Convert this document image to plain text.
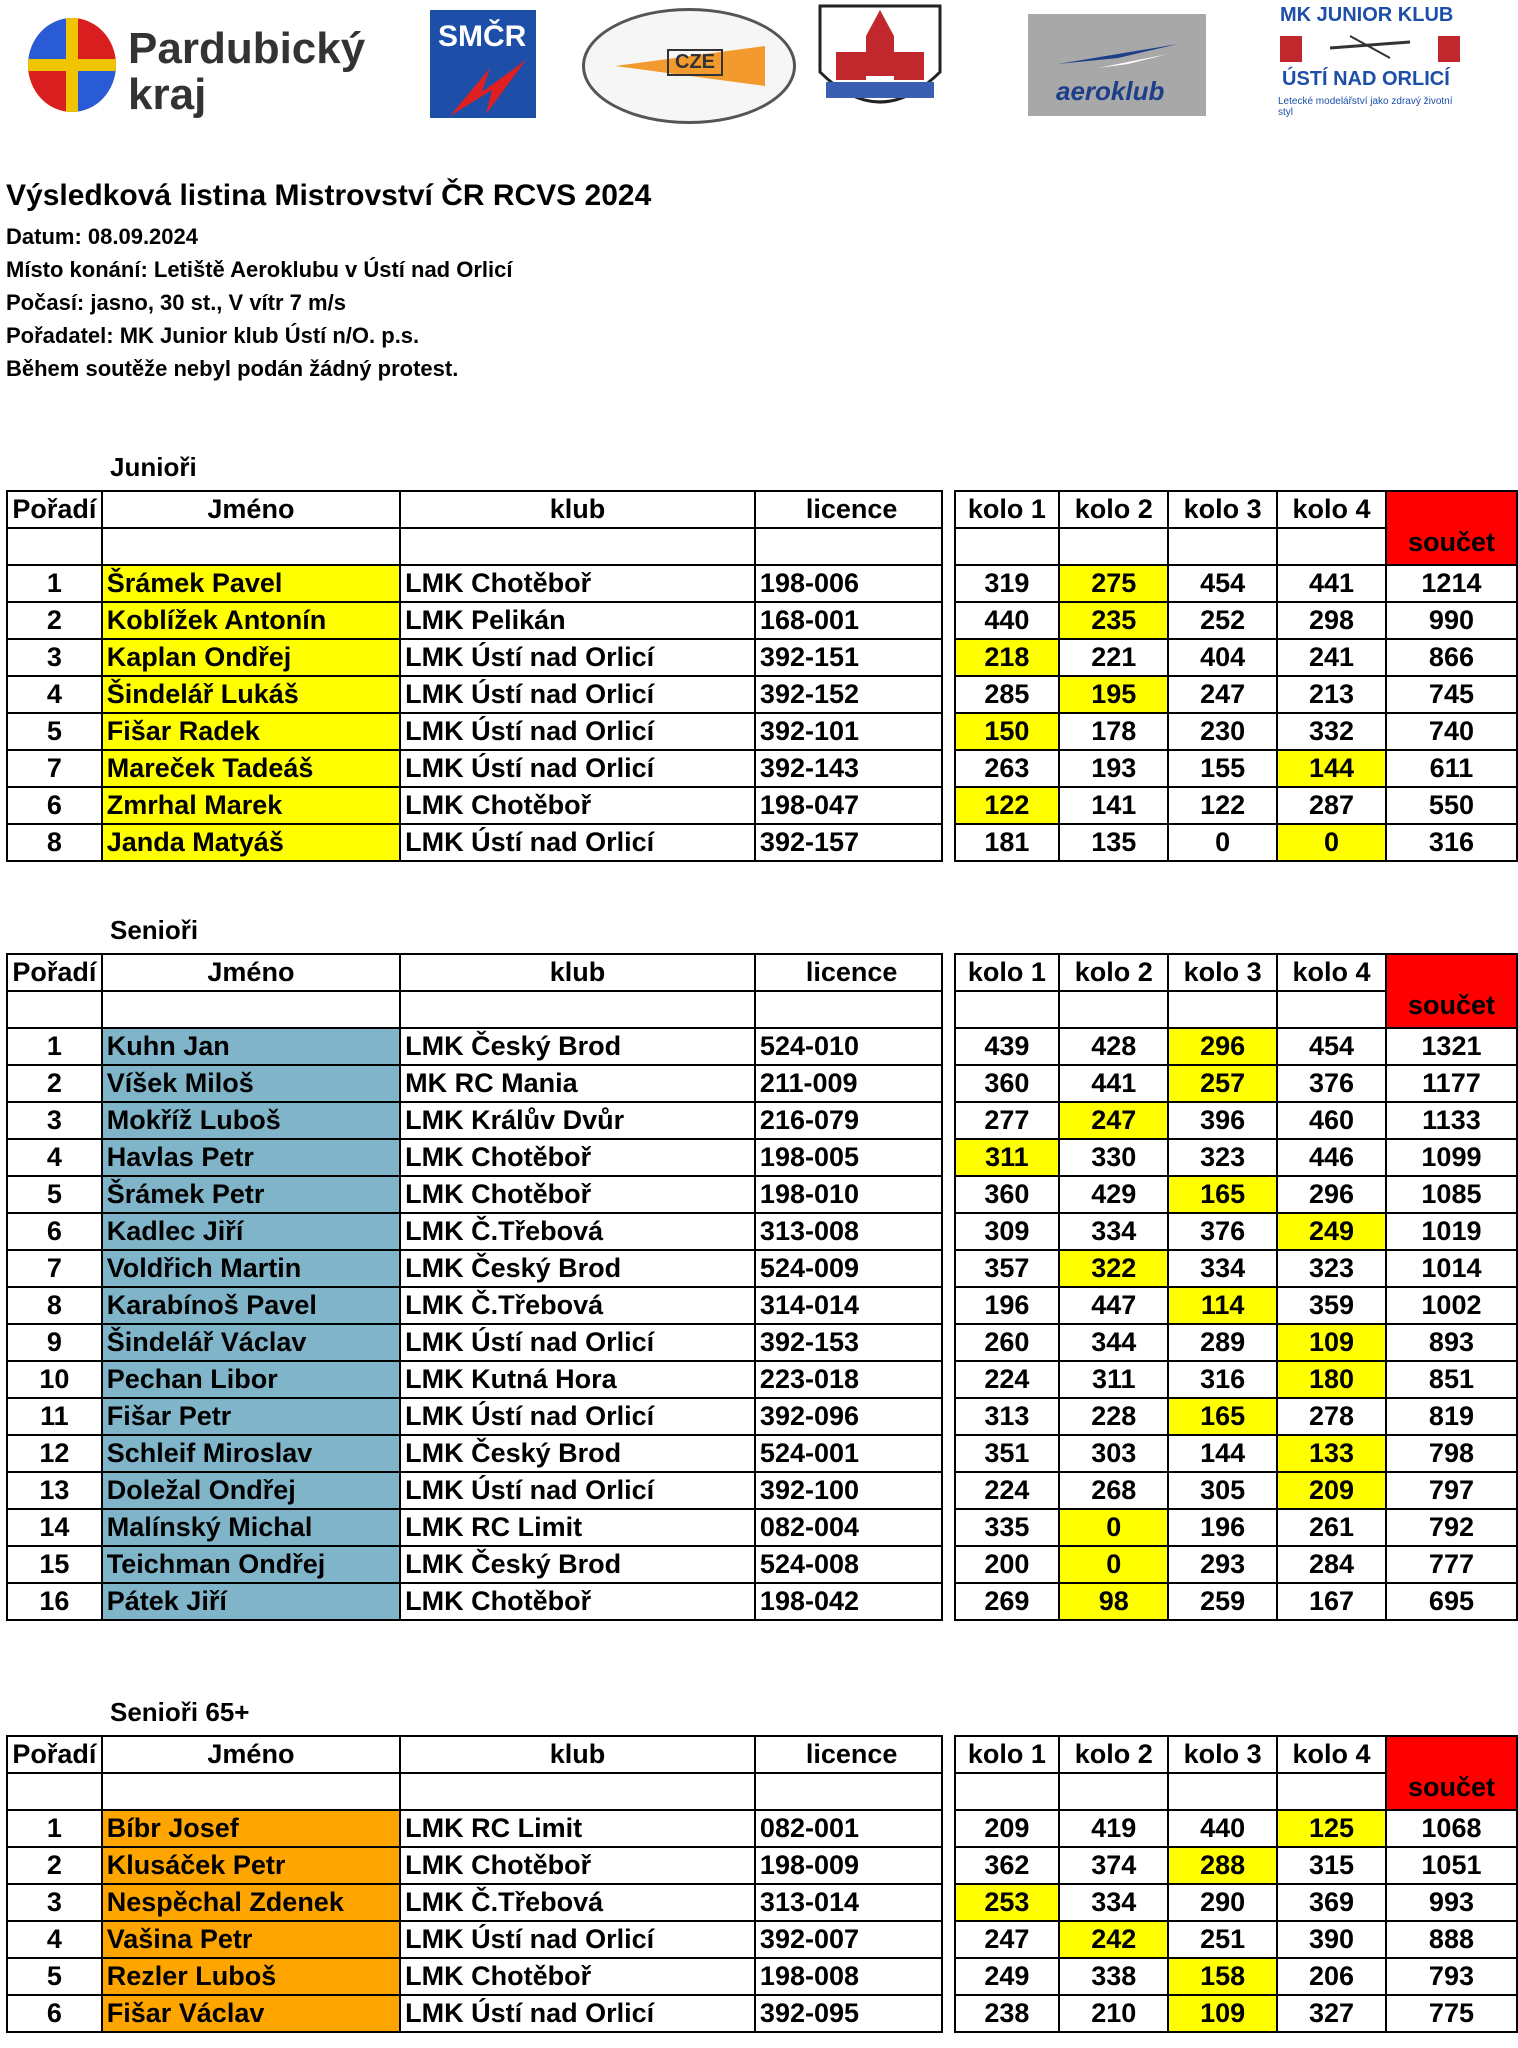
Pardubický
kraj
SMČR
CZE
aeroklub
MK JUNIOR KLUB
ÚSTÍ NAD ORLICÍ
Letecké modelářství jako zdravý životní styl
Výsledková listina Mistrovství ČR RCVS 2024
Datum: 08.09.2024
Místo konání: Letiště Aeroklubu v Ústí nad Orlicí
Počasí: jasno, 30 st., V vítr 7 m/s
Pořadatel: MK Junior klub Ústí n/O. p.s.
Během soutěže nebyl podán žádný protest.
Junioři
Senioři
Senioři 65+
Pořadí	Jméno	klub	licence		kolo 1	kolo 2	kolo 3	kolo 4	součet

1	Šrámek Pavel	LMK Chotěboř	198-006		319	275	454	441	1214
2	Koblížek Antonín	LMK Pelikán	168-001		440	235	252	298	990
3	Kaplan Ondřej	LMK Ústí nad Orlicí	392-151		218	221	404	241	866
4	Šindelář Lukáš	LMK Ústí nad Orlicí	392-152		285	195	247	213	745
5	Fišar Radek	LMK Ústí nad Orlicí	392-101		150	178	230	332	740
7	Mareček Tadeáš	LMK Ústí nad Orlicí	392-143		263	193	155	144	611
6	Zmrhal Marek	LMK Chotěboř	198-047		122	141	122	287	550
8	Janda Matyáš	LMK Ústí nad Orlicí	392-157		181	135	0	0	316
Pořadí	Jméno	klub	licence		kolo 1	kolo 2	kolo 3	kolo 4	součet

1	Kuhn Jan	LMK Český Brod	524-010		439	428	296	454	1321
2	Víšek Miloš	MK RC Mania	211-009		360	441	257	376	1177
3	Mokříž Luboš	LMK Králův Dvůr	216-079		277	247	396	460	1133
4	Havlas Petr	LMK Chotěboř	198-005		311	330	323	446	1099
5	Šrámek Petr	LMK Chotěboř	198-010		360	429	165	296	1085
6	Kadlec Jiří	LMK Č.Třebová	313-008		309	334	376	249	1019
7	Voldřich Martin	LMK Český Brod	524-009		357	322	334	323	1014
8	Karabínoš Pavel	LMK Č.Třebová	314-014		196	447	114	359	1002
9	Šindelář Václav	LMK Ústí nad Orlicí	392-153		260	344	289	109	893
10	Pechan Libor	LMK Kutná Hora	223-018		224	311	316	180	851
11	Fišar Petr	LMK Ústí nad Orlicí	392-096		313	228	165	278	819
12	Schleif Miroslav	LMK Český Brod	524-001		351	303	144	133	798
13	Doležal Ondřej	LMK Ústí nad Orlicí	392-100		224	268	305	209	797
14	Malínský Michal	LMK RC Limit	082-004		335	0	196	261	792
15	Teichman Ondřej	LMK Český Brod	524-008		200	0	293	284	777
16	Pátek Jiří	LMK Chotěboř	198-042		269	98	259	167	695
Pořadí	Jméno	klub	licence		kolo 1	kolo 2	kolo 3	kolo 4	součet

1	Bíbr Josef	LMK RC Limit	082-001		209	419	440	125	1068
2	Klusáček Petr	LMK Chotěboř	198-009		362	374	288	315	1051
3	Nespěchal Zdenek	LMK Č.Třebová	313-014		253	334	290	369	993
4	Vašina Petr	LMK Ústí nad Orlicí	392-007		247	242	251	390	888
5	Rezler Luboš	LMK Chotěboř	198-008		249	338	158	206	793
6	Fišar Václav	LMK Ústí nad Orlicí	392-095		238	210	109	327	775
